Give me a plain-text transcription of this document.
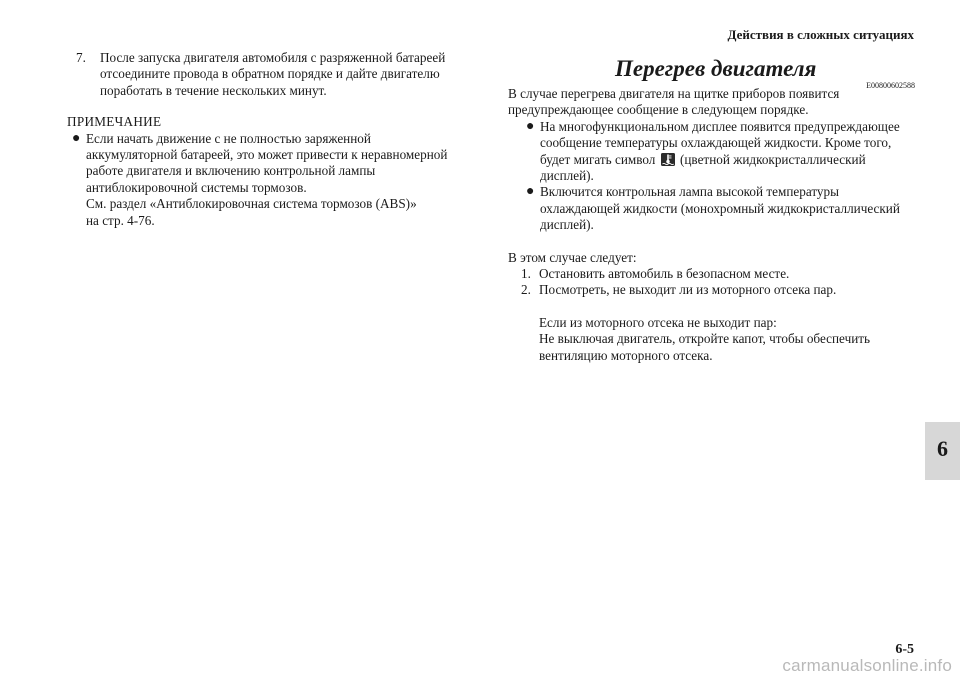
Действия в сложных ситуациях
6
7.	После запуска двигателя автомобиля с разряженной батареей
отсоедините провода в обратном порядке и дайте двигателю
поработать в течение нескольких минут.
ПРИМЕЧАНИЕ
● Если начать движение с не полностью заряженной
аккумуляторной батареей, это может привести к неравномерной
работе двигателя и включению контрольной лампы
антиблокировочной системы тормозов.
См. раздел «Антиблокировочная система тормозов (ABS)»
на стр. 4-76.
Перегрев двигателя
E00800602588
В случае перегрева двигателя на щитке приборов появится
предупреждающее сообщение в следующем порядке.
● На многофункциональном дисплее появится предупреждающее
сообщение температуры охлаждающей жидкости. Кроме того,
будет мигать символ (цветной жидкокристаллический
дисплей).
● Включится контрольная лампа высокой температуры
охлаждающей жидкости (монохромный жидкокристаллический
дисплей).
В этом случае следует:
1. Остановить автомобиль в безопасном месте.
2. Посмотреть, не выходит ли из моторного отсека пар.
Если из моторного отсека не выходит пар:
Не выключая двигатель, откройте капот, чтобы обеспечить
вентиляцию моторного отсека.
6-5
carmanualsonline.info
